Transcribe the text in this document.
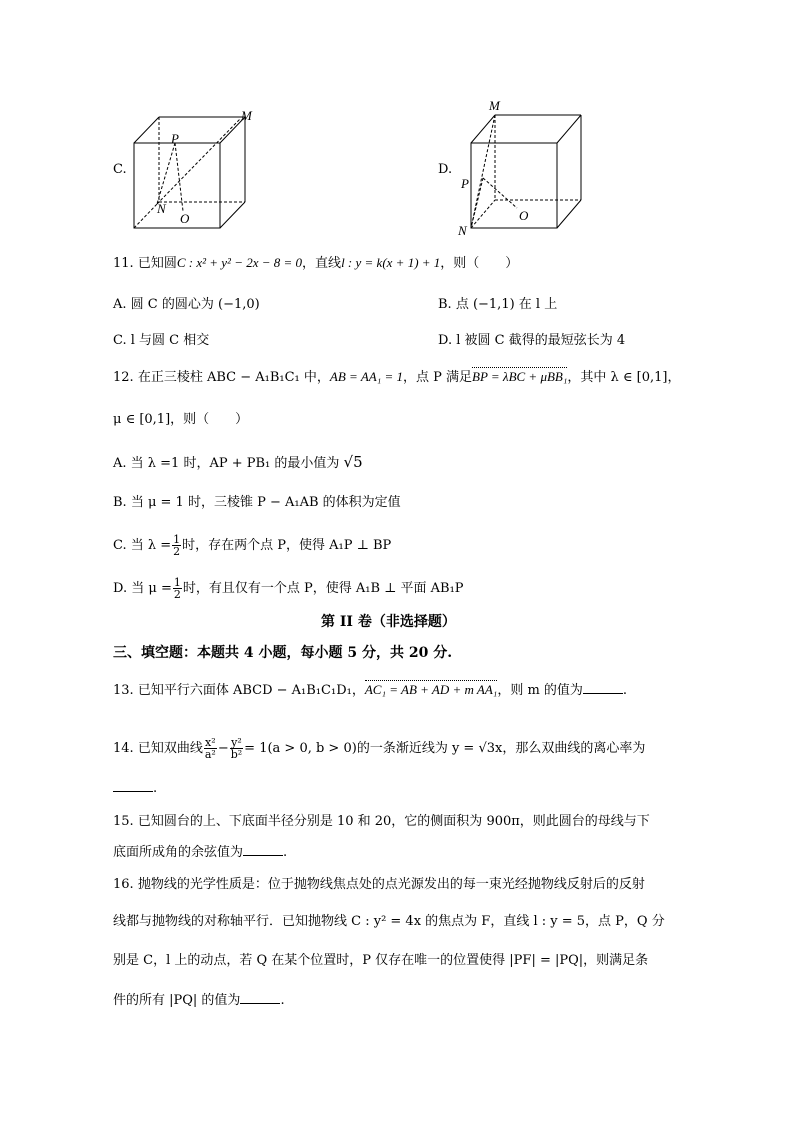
C.
P
M
N
O
D.
M
P
N
O
11. 已知圆C : x² + y² − 2x − 8 = 0，直线l : y = k(x + 1) + 1，则（　　）
A. 圆 C 的圆心为 (−1,0)	B. 点 (−1,1) 在 l 上
C. l 与圆 C 相交	D. l 被圆 C 截得的最短弦长为 4
12. 在正三棱柱 ABC − A₁B₁C₁ 中，AB = AA₁ = 1，点 P 满足BP = λBC + μBB₁，其中 λ ∈ [0,1]，
μ ∈ [0,1]，则（　　）
A. 当 λ =1 时，AP + PB₁ 的最小值为 √5
B. 当 μ = 1 时，三棱锥 P − A₁AB 的体积为定值
C. 当 $\lambda = \frac{1}{2}$ 时，存在两个点 P，使得 A₁P ⊥ BP
D. 当 $\mu = \frac{1}{2}$ 时，有且仅有一个点 P，使得 A₁B ⊥ 平面 AB₁P
第 II 卷（非选择题）
三、填空题：本题共 4 小题，每小题 5 分，共 20 分.
13. 已知平行六面体 ABCD − A₁B₁C₁D₁，AC₁ = AB + AD + m AA₁，则 m 的值为	.
14. 已知双曲线 $\frac{\text{x²}}{\text{a²}} - \frac{\text{y²}}{\text{b²}} = 1(a > 0$, b > 0)的一条渐近线为 y = √3x，那么双曲线的离心率为
.
15. 已知圆台的上、下底面半径分别是 10 和 20，它的侧面积为 900π，则此圆台的母线与下
底面所成角的余弦值为	.
16. 抛物线的光学性质是：位于抛物线焦点处的点光源发出的每一束光经抛物线反射后的反射
线都与抛物线的对称轴平行．已知抛物线 C : y² = 4x 的焦点为 F，直线 l : y = 5，点 P，Q 分
别是 C，l 上的动点，若 Q 在某个位置时，P 仅存在唯一的位置使得 |PF| = |PQ|，则满足条
件的所有 |PQ| 的值为	.
